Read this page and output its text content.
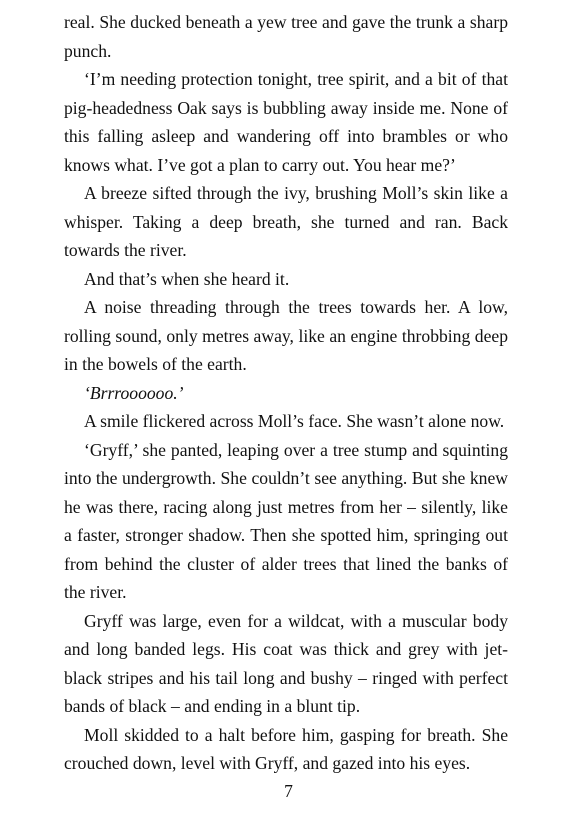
real. She ducked beneath a yew tree and gave the trunk a sharp punch.

‘I’m needing protection tonight, tree spirit, and a bit of that pig-headedness Oak says is bubbling away inside me. None of this falling asleep and wandering off into brambles or who knows what. I’ve got a plan to carry out. You hear me?’

A breeze sifted through the ivy, brushing Moll’s skin like a whisper. Taking a deep breath, she turned and ran. Back towards the river.

And that’s when she heard it.

A noise threading through the trees towards her. A low, rolling sound, only metres away, like an engine throbbing deep in the bowels of the earth.

‘Brrroooooo.’

A smile flickered across Moll’s face. She wasn’t alone now.

‘Gryff,’ she panted, leaping over a tree stump and squinting into the undergrowth. She couldn’t see anything. But she knew he was there, racing along just metres from her – silently, like a faster, stronger shadow. Then she spotted him, springing out from behind the cluster of alder trees that lined the banks of the river.

Gryff was large, even for a wildcat, with a muscular body and long banded legs. His coat was thick and grey with jet-black stripes and his tail long and bushy – ringed with perfect bands of black – and ending in a blunt tip.

Moll skidded to a halt before him, gasping for breath. She crouched down, level with Gryff, and gazed into his eyes.

7
